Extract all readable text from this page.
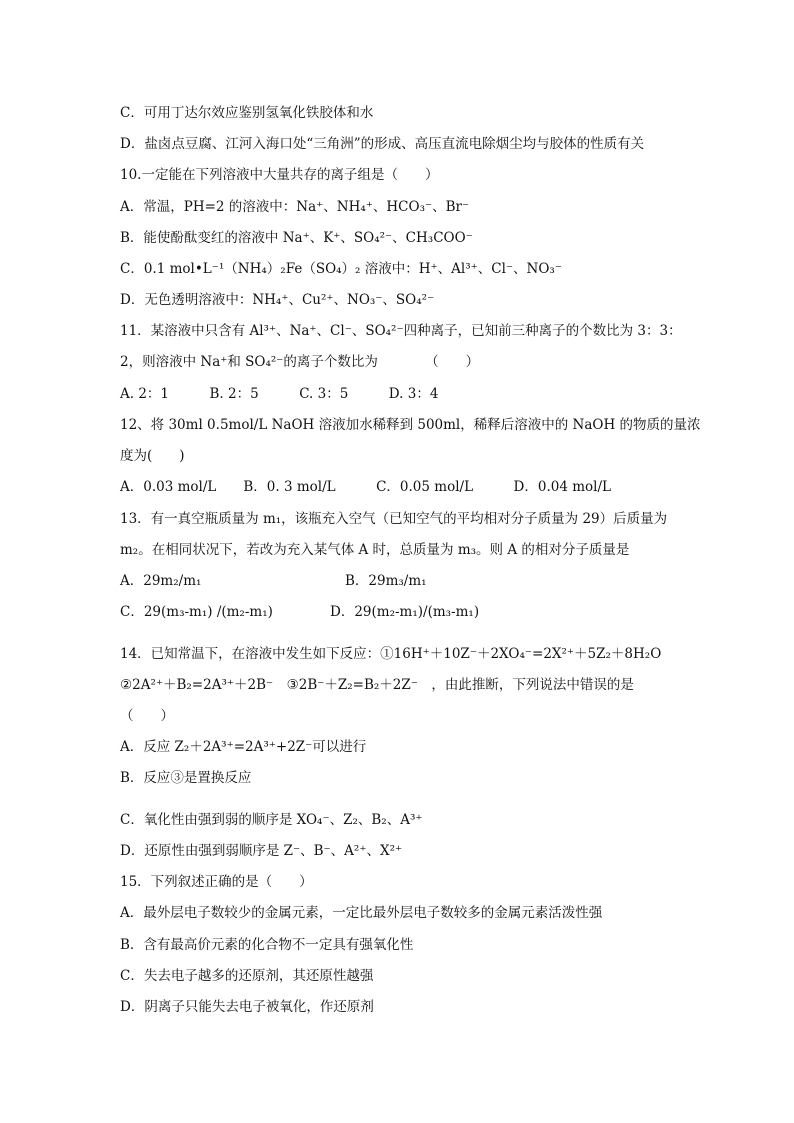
C．可用丁达尔效应鉴别氢氧化铁胶体和水
D．盐卤点豆腐、江河入海口处“三角洲”的形成、高压直流电除烟尘均与胶体的性质有关
10.一定能在下列溶液中大量共存的离子组是（　　）
A．常温，PH=2 的溶液中：Na⁺、NH₄⁺、HCO₃⁻、Br⁻
B．能使酚酞变红的溶液中 Na⁺、K⁺、SO₄²⁻、CH₃COO⁻
C．0.1 mol•L⁻¹（NH₄）₂Fe（SO₄）₂ 溶液中：H⁺、Al³⁺、Cl⁻、NO₃⁻
D．无色透明溶液中：NH₄⁺、Cu²⁺、NO₃⁻、SO₄²⁻
11．某溶液中只含有 Al³⁺、Na⁺、Cl⁻、SO₄²⁻四种离子，已知前三种离子的个数比为 3：3：
2，则溶液中 Na⁺和 SO₄²⁻的离子个数比为　　　　（　　）
A. 2：1　　　B. 2：5　　　C. 3：5　　　D. 3：4
12、将 30ml 0.5mol/L NaOH 溶液加水稀释到 500ml，稀释后溶液中的 NaOH 的物质的量浓
度为(　　)
A．0.03 mol/L　　B．0. 3 mol/L　　　C．0.05 mol/L　　　D．0.04 mol/L
13．有一真空瓶质量为 m₁，该瓶充入空气（已知空气的平均相对分子质量为 29）后质量为
m₂。在相同状况下，若改为充入某气体 A 时，总质量为 m₃。则 A 的相对分子质量是
A．29m₂/m₁	B．29m₃/m₁
C．29(m₃-m₁) /(m₂-m₁)	D．29(m₂-m₁)/(m₃-m₁)
14．已知常温下，在溶液中发生如下反应：①16H⁺＋10Z⁻＋2XO₄⁻=2X²⁺＋5Z₂＋8H₂O
②2A²⁺＋B₂=2A³⁺＋2B⁻　③2B⁻＋Z₂=B₂＋2Z⁻　，由此推断，下列说法中错误的是
（　　）
A．反应 Z₂＋2A³⁺=2A³⁺+2Z⁻可以进行
B．反应③是置换反应
C．氧化性由强到弱的顺序是 XO₄⁻、Z₂、B₂、A³⁺
D．还原性由强到弱顺序是 Z⁻、B⁻、A²⁺、X²⁺
15．下列叙述正确的是（　　）
A．最外层电子数较少的金属元素，一定比最外层电子数较多的金属元素活泼性强
B．含有最高价元素的化合物不一定具有强氧化性
C．失去电子越多的还原剂，其还原性越强
D．阴离子只能失去电子被氧化，作还原剂
